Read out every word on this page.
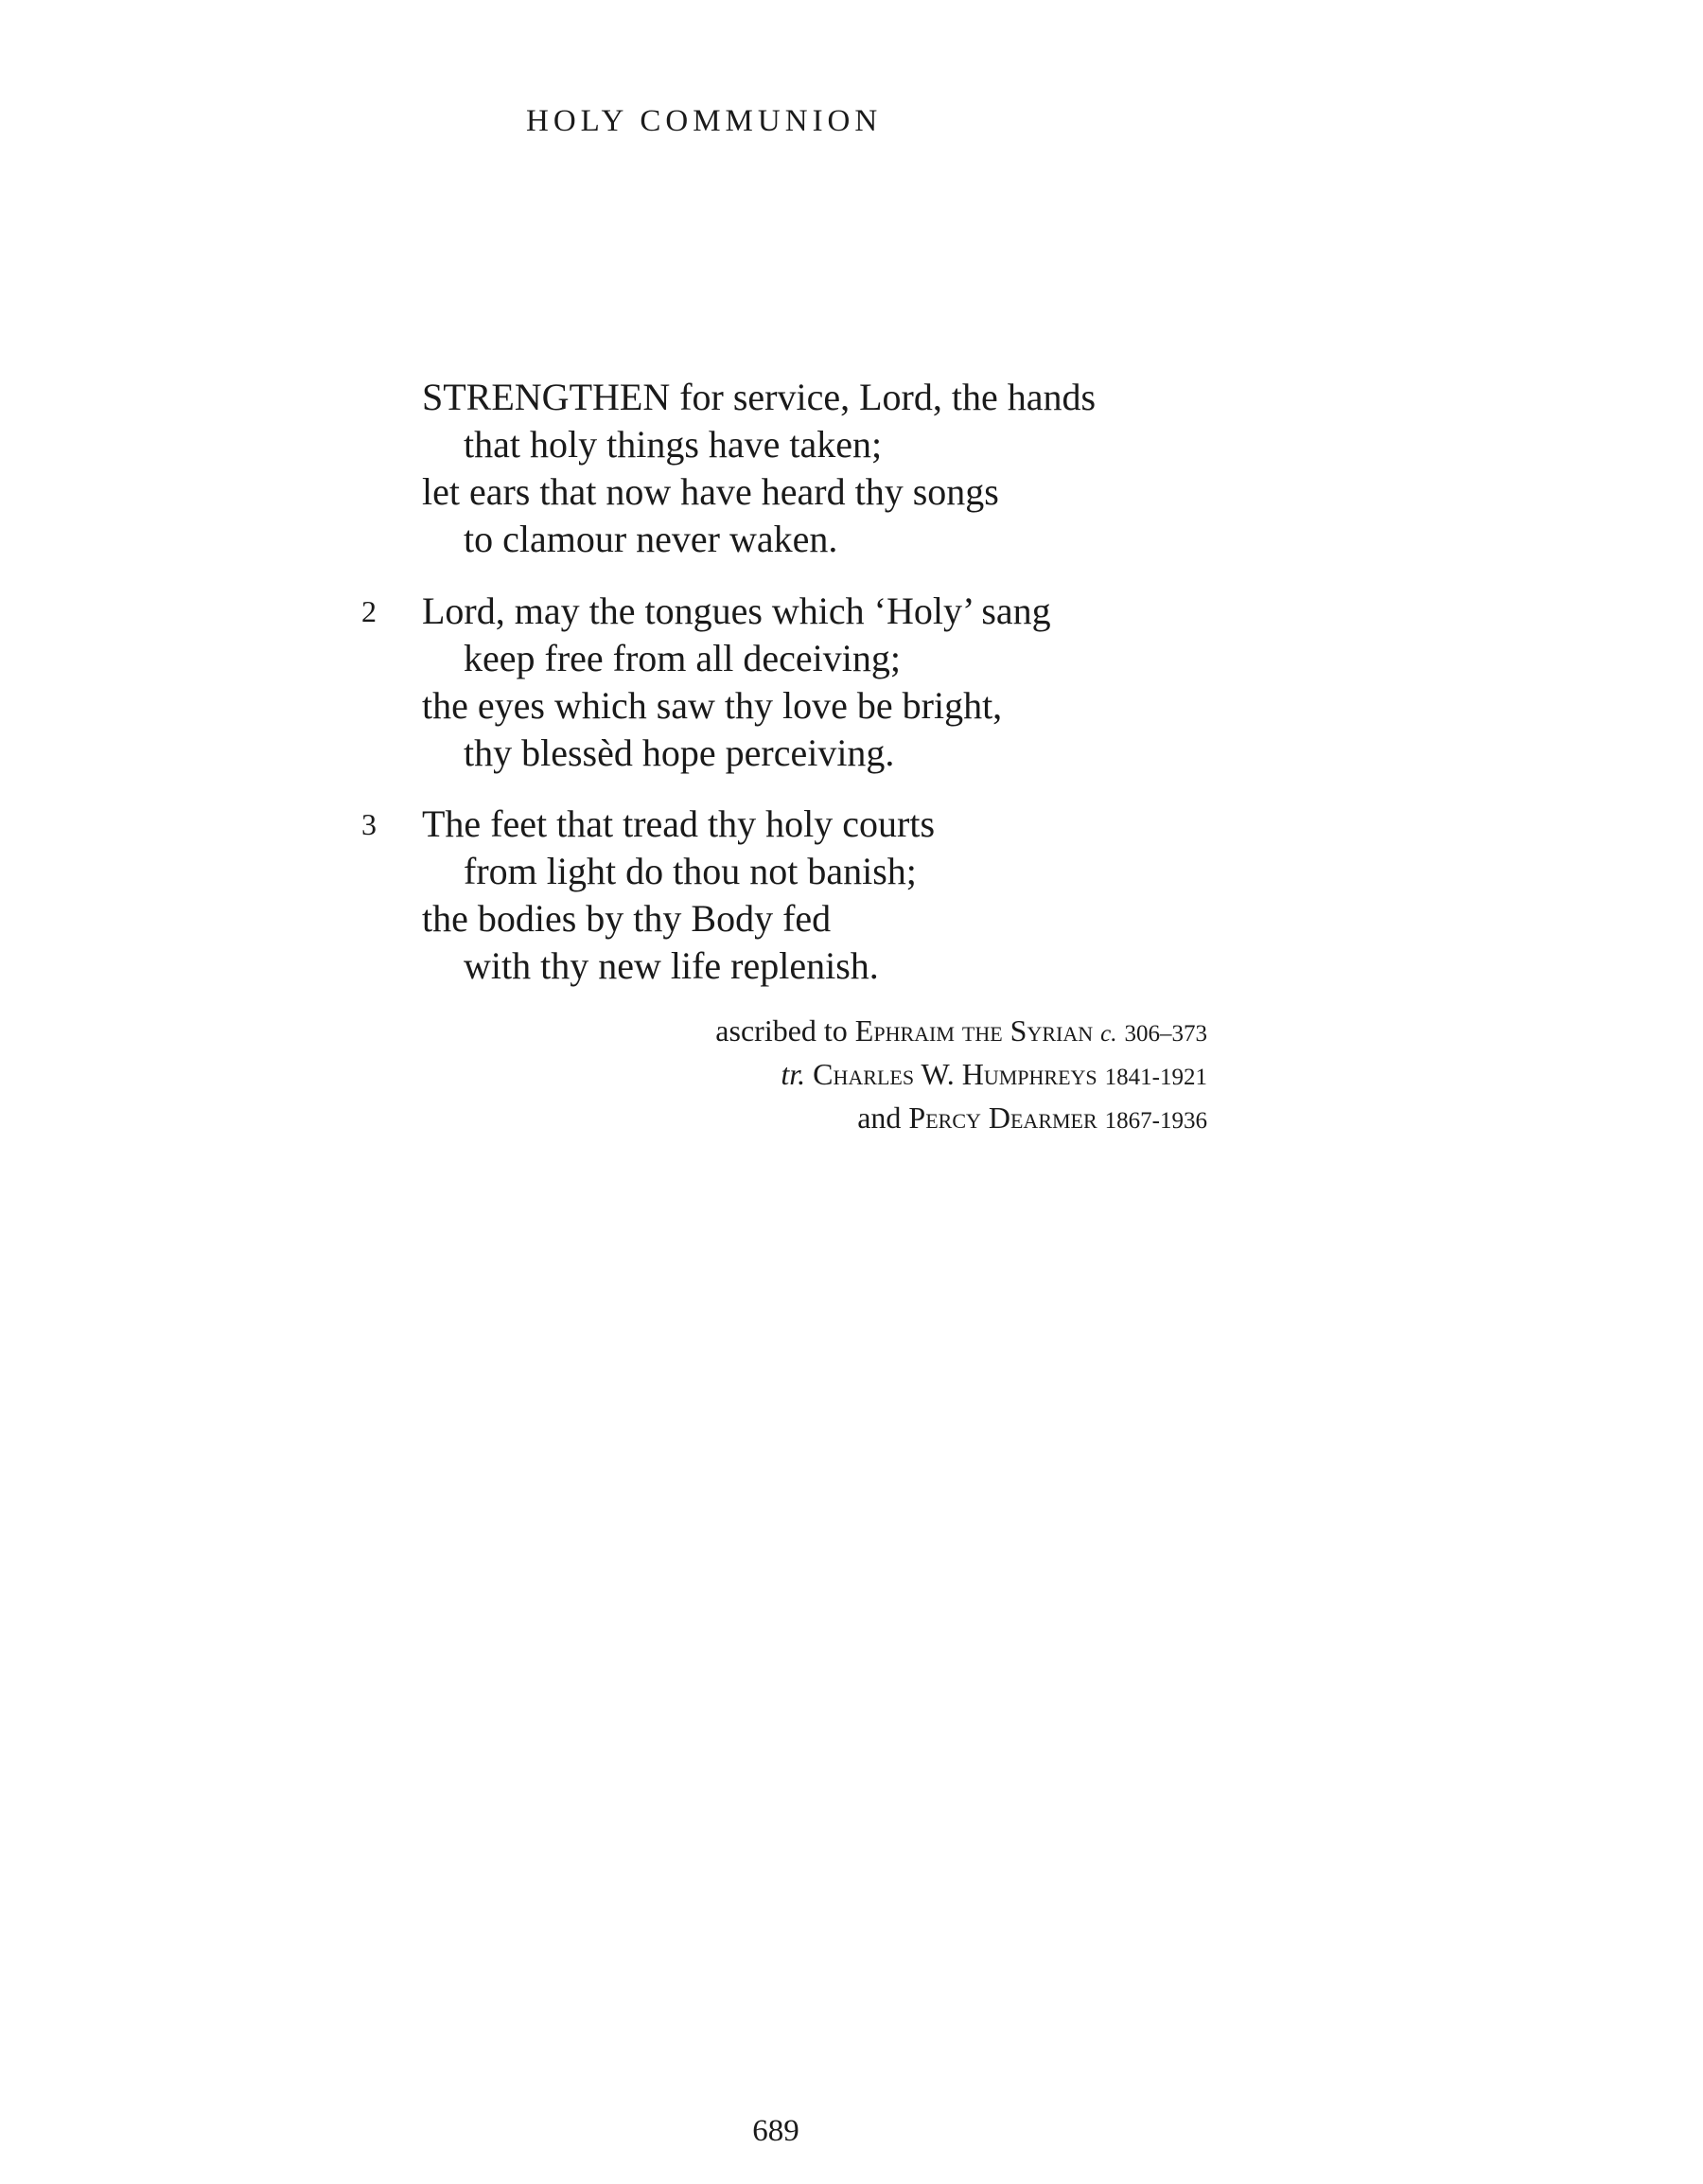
HOLY COMMUNION
STRENGTHEN for service, Lord, the hands
that holy things have taken;
let ears that now have heard thy songs
to clamour never waken.
2	Lord, may the tongues which ‘Holy’ sang
keep free from all deceiving;
the eyes which saw thy love be bright,
thy blessèd hope perceiving.
3	The feet that tread thy holy courts
from light do thou not banish;
the bodies by thy Body fed
with thy new life replenish.
ascribed to Ephraim the Syrian c. 306–373
tr. Charles W. Humphreys 1841-1921
and Percy Dearmer 1867-1936
689
